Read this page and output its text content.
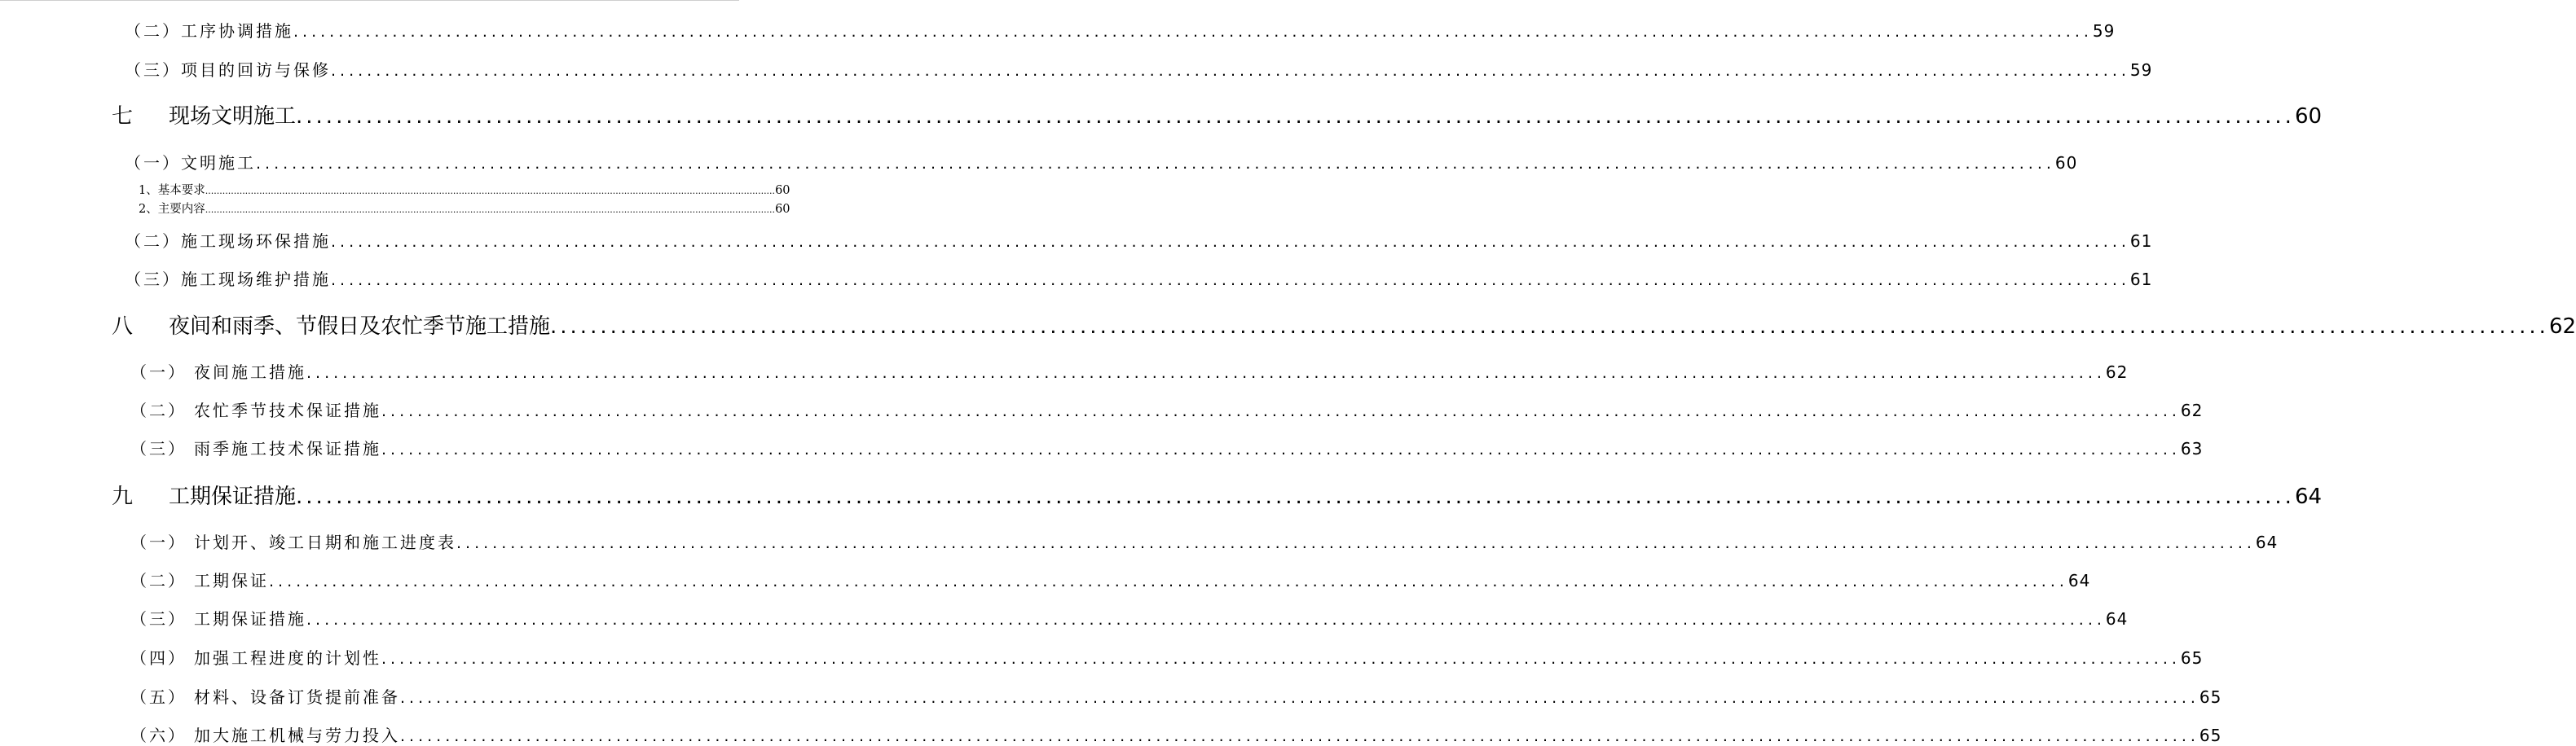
（二） 工序协调措施 ........................................................................................................................................................................................................ 59
（三） 项目的回访与保修 ........................................................................................................................................................................................................ 59
七	现场文明施工 ........................................................................................................................................................................................................ 60
（一） 文明施工 ........................................................................................................................................................................................................ 60
1、 基本要求 ........................................................................................................................................................................................................ 60
2、 主要内容 ........................................................................................................................................................................................................ 60
（二） 施工现场环保措施 ........................................................................................................................................................................................................ 61
（三） 施工现场维护措施 ........................................................................................................................................................................................................ 61
八	夜间和雨季、节假日及农忙季节施工措施 ........................................................................................................................................................................................................ 62
（一） 夜间施工措施 ........................................................................................................................................................................................................ 62
（二） 农忙季节技术保证措施 ........................................................................................................................................................................................................ 62
（三） 雨季施工技术保证措施 ........................................................................................................................................................................................................ 63
九	工期保证措施 ........................................................................................................................................................................................................ 64
（一） 计划开、竣工日期和施工进度表 ........................................................................................................................................................................................................ 64
（二） 工期保证 ........................................................................................................................................................................................................ 64
（三） 工期保证措施 ........................................................................................................................................................................................................ 64
（四） 加强工程进度的计划性 ........................................................................................................................................................................................................ 65
（五） 材料、设备订货提前准备 ........................................................................................................................................................................................................ 65
（六） 加大施工机械与劳力投入 ........................................................................................................................................................................................................ 65
